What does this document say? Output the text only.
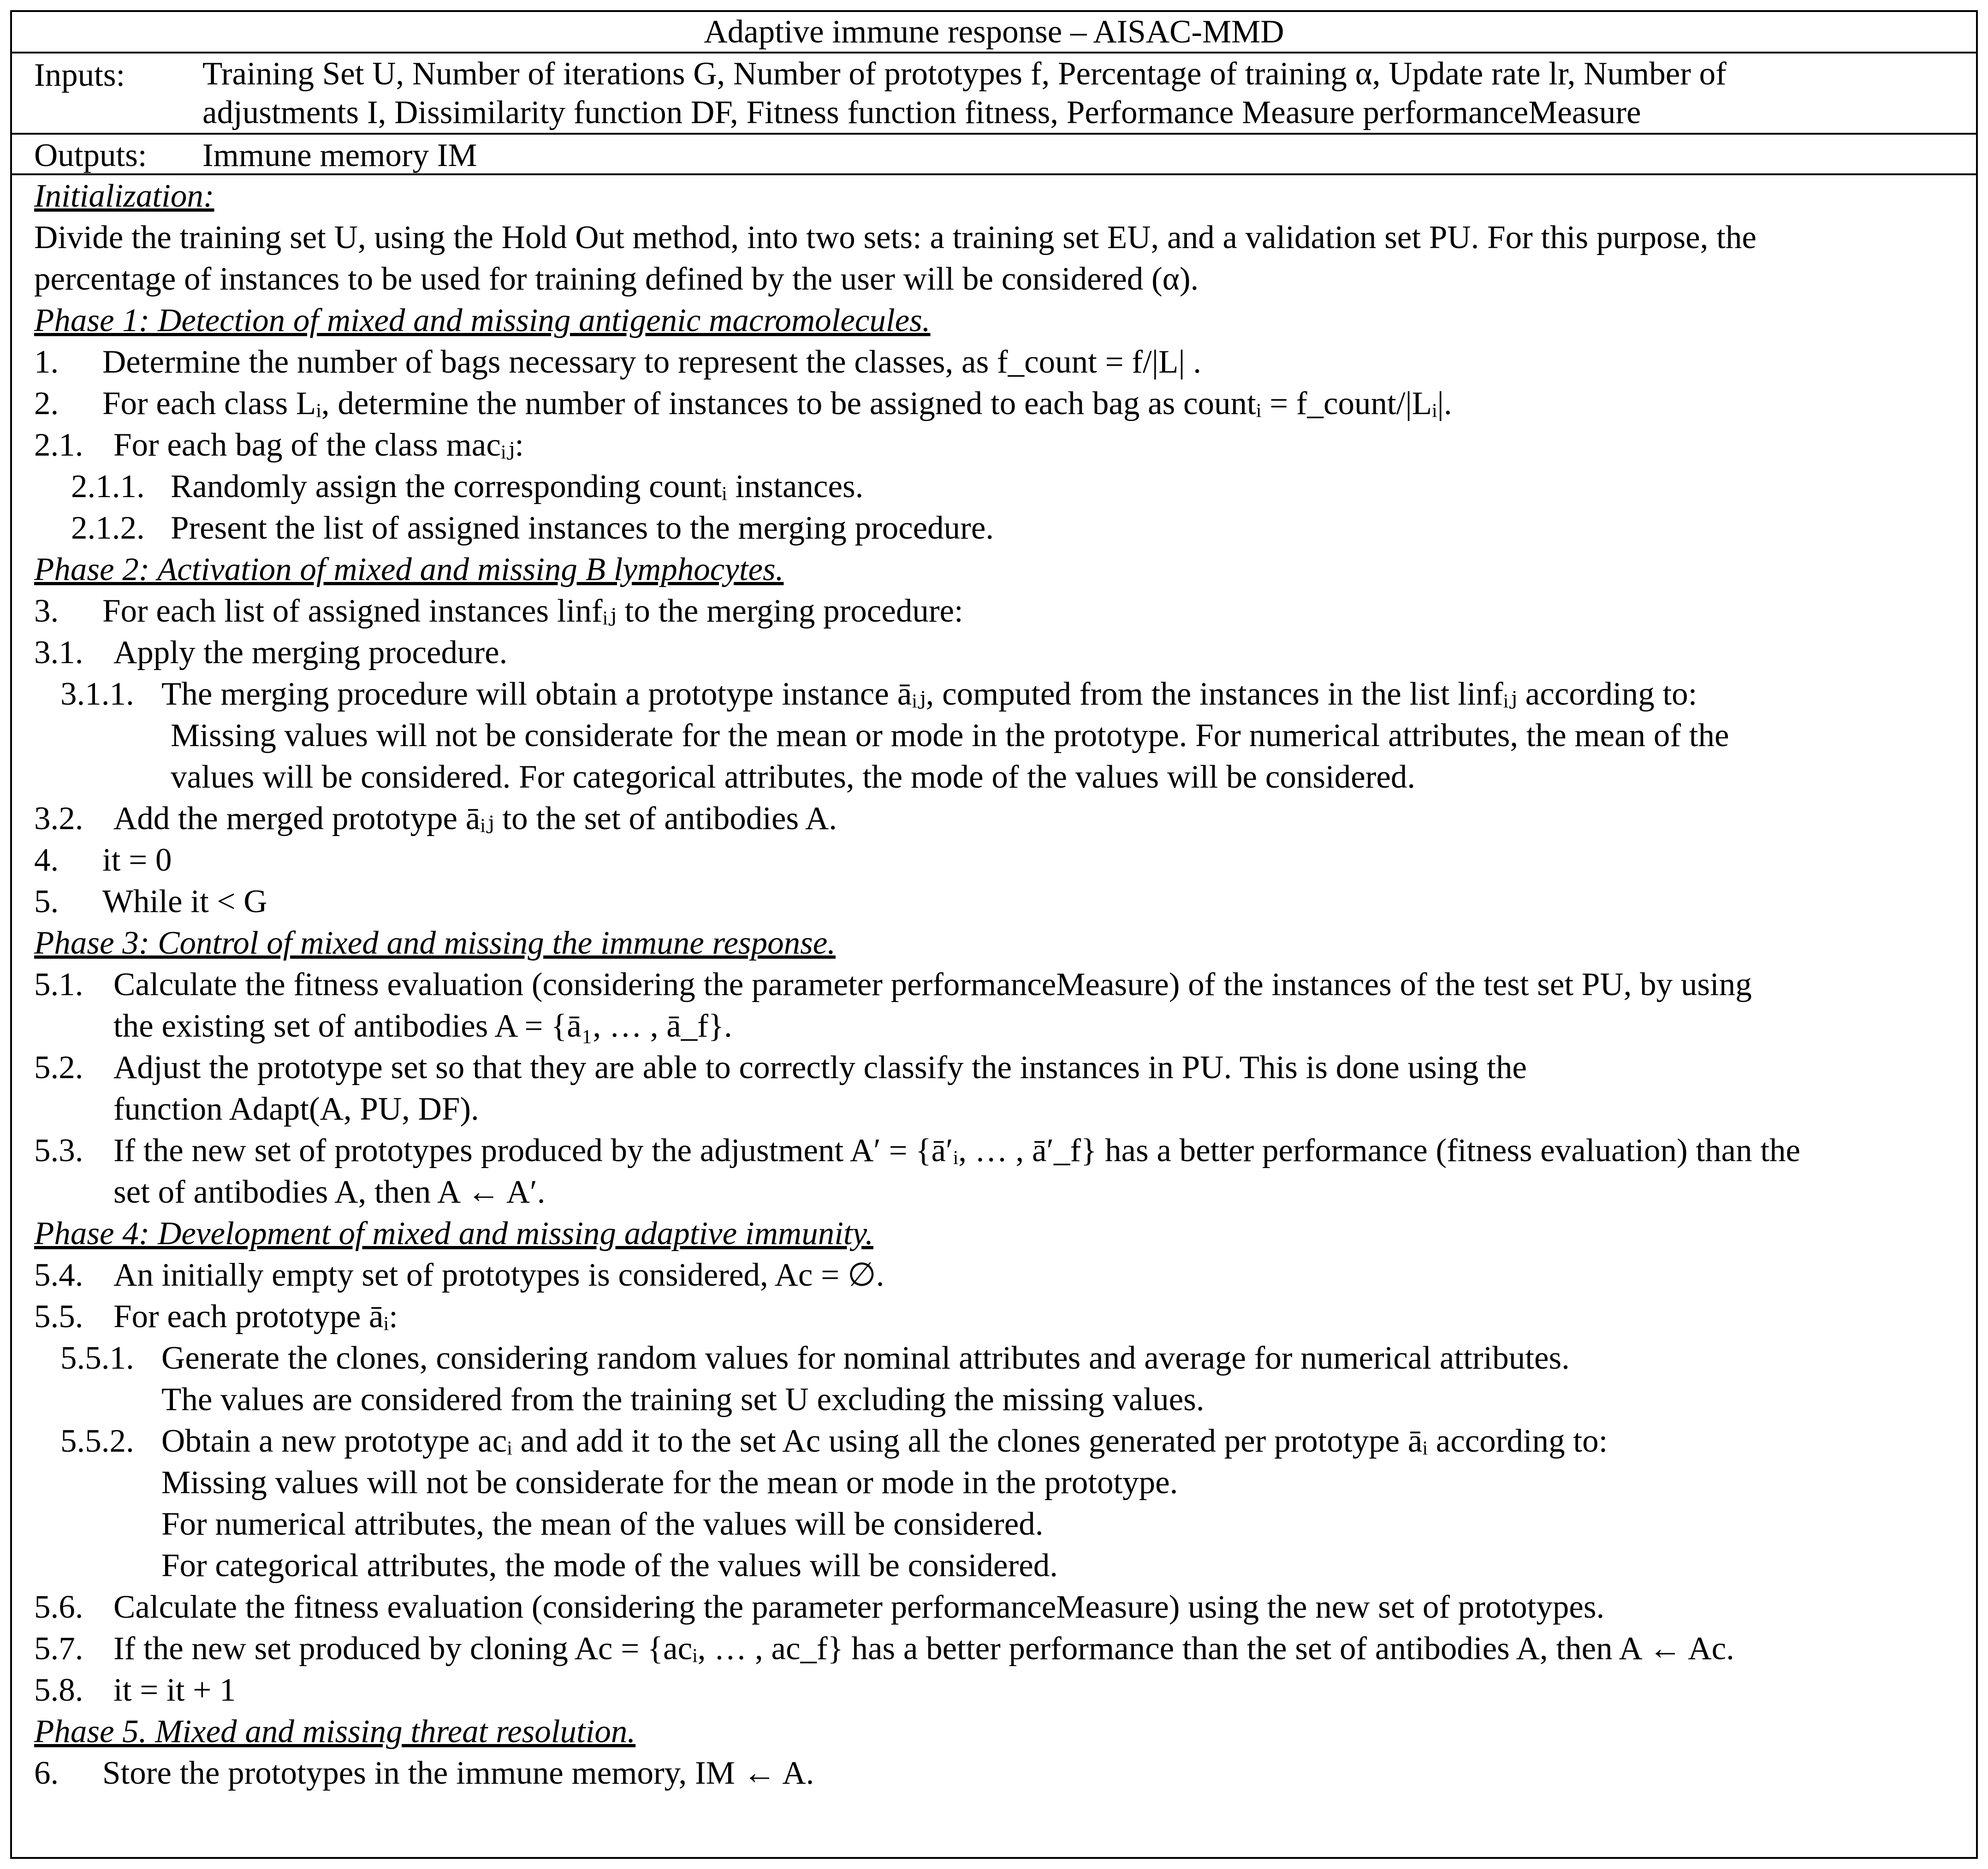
Adaptive immune response – AISAC-MMD
Inputs:	Training Set U, Number of iterations G, Number of prototypes f, Percentage of training α, Update rate lr, Number of
adjustments I, Dissimilarity function DF, Fitness function fitness, Performance Measure performanceMeasure
Outputs:	Immune memory IM
Initialization:
Divide the training set U, using the Hold Out method, into two sets: a training set EU, and a validation set PU. For this purpose, the
percentage of instances to be used for training defined by the user will be considered (α).
Phase 1: Detection of mixed and missing antigenic macromolecules.
1. Determine the number of bags necessary to represent the classes, as f_count = f/|L| .
2. For each class Lᵢ, determine the number of instances to be assigned to each bag as countᵢ = f_count/|Lᵢ|.
2.1. For each bag of the class macᵢⱼ:
2.1.1. Randomly assign the corresponding countᵢ instances.
2.1.2. Present the list of assigned instances to the merging procedure.
Phase 2: Activation of mixed and missing B lymphocytes.
3. For each list of assigned instances linfᵢⱼ to the merging procedure:
3.1. Apply the merging procedure.
3.1.1. The merging procedure will obtain a prototype instance āᵢⱼ, computed from the instances in the list linfᵢⱼ according to:
Missing values will not be considerate for the mean or mode in the prototype. For numerical attributes, the mean of the
values will be considered. For categorical attributes, the mode of the values will be considered.
3.2. Add the merged prototype āᵢⱼ to the set of antibodies A.
4. it = 0
5. While it < G
Phase 3: Control of mixed and missing the immune response.
5.1. Calculate the fitness evaluation (considering the parameter performanceMeasure) of the instances of the test set PU, by using
the existing set of antibodies A = {ā₁, … , ā_f}.
5.2. Adjust the prototype set so that they are able to correctly classify the instances in PU. This is done using the
function Adapt(A, PU, DF).
5.3. If the new set of prototypes produced by the adjustment A′ = {ā′ᵢ, … , ā′_f} has a better performance (fitness evaluation) than the
set of antibodies A, then A ← A′.
Phase 4: Development of mixed and missing adaptive immunity.
5.4. An initially empty set of prototypes is considered, Ac = ∅.
5.5. For each prototype āᵢ:
5.5.1. Generate the clones, considering random values for nominal attributes and average for numerical attributes.
The values are considered from the training set U excluding the missing values.
5.5.2. Obtain a new prototype acᵢ and add it to the set Ac using all the clones generated per prototype āᵢ according to:
Missing values will not be considerate for the mean or mode in the prototype.
For numerical attributes, the mean of the values will be considered.
For categorical attributes, the mode of the values will be considered.
5.6. Calculate the fitness evaluation (considering the parameter performanceMeasure) using the new set of prototypes.
5.7. If the new set produced by cloning Ac = {acᵢ, … , ac_f} has a better performance than the set of antibodies A, then A ← Ac.
5.8. it = it + 1
Phase 5. Mixed and missing threat resolution.
6. Store the prototypes in the immune memory, IM ← A.
